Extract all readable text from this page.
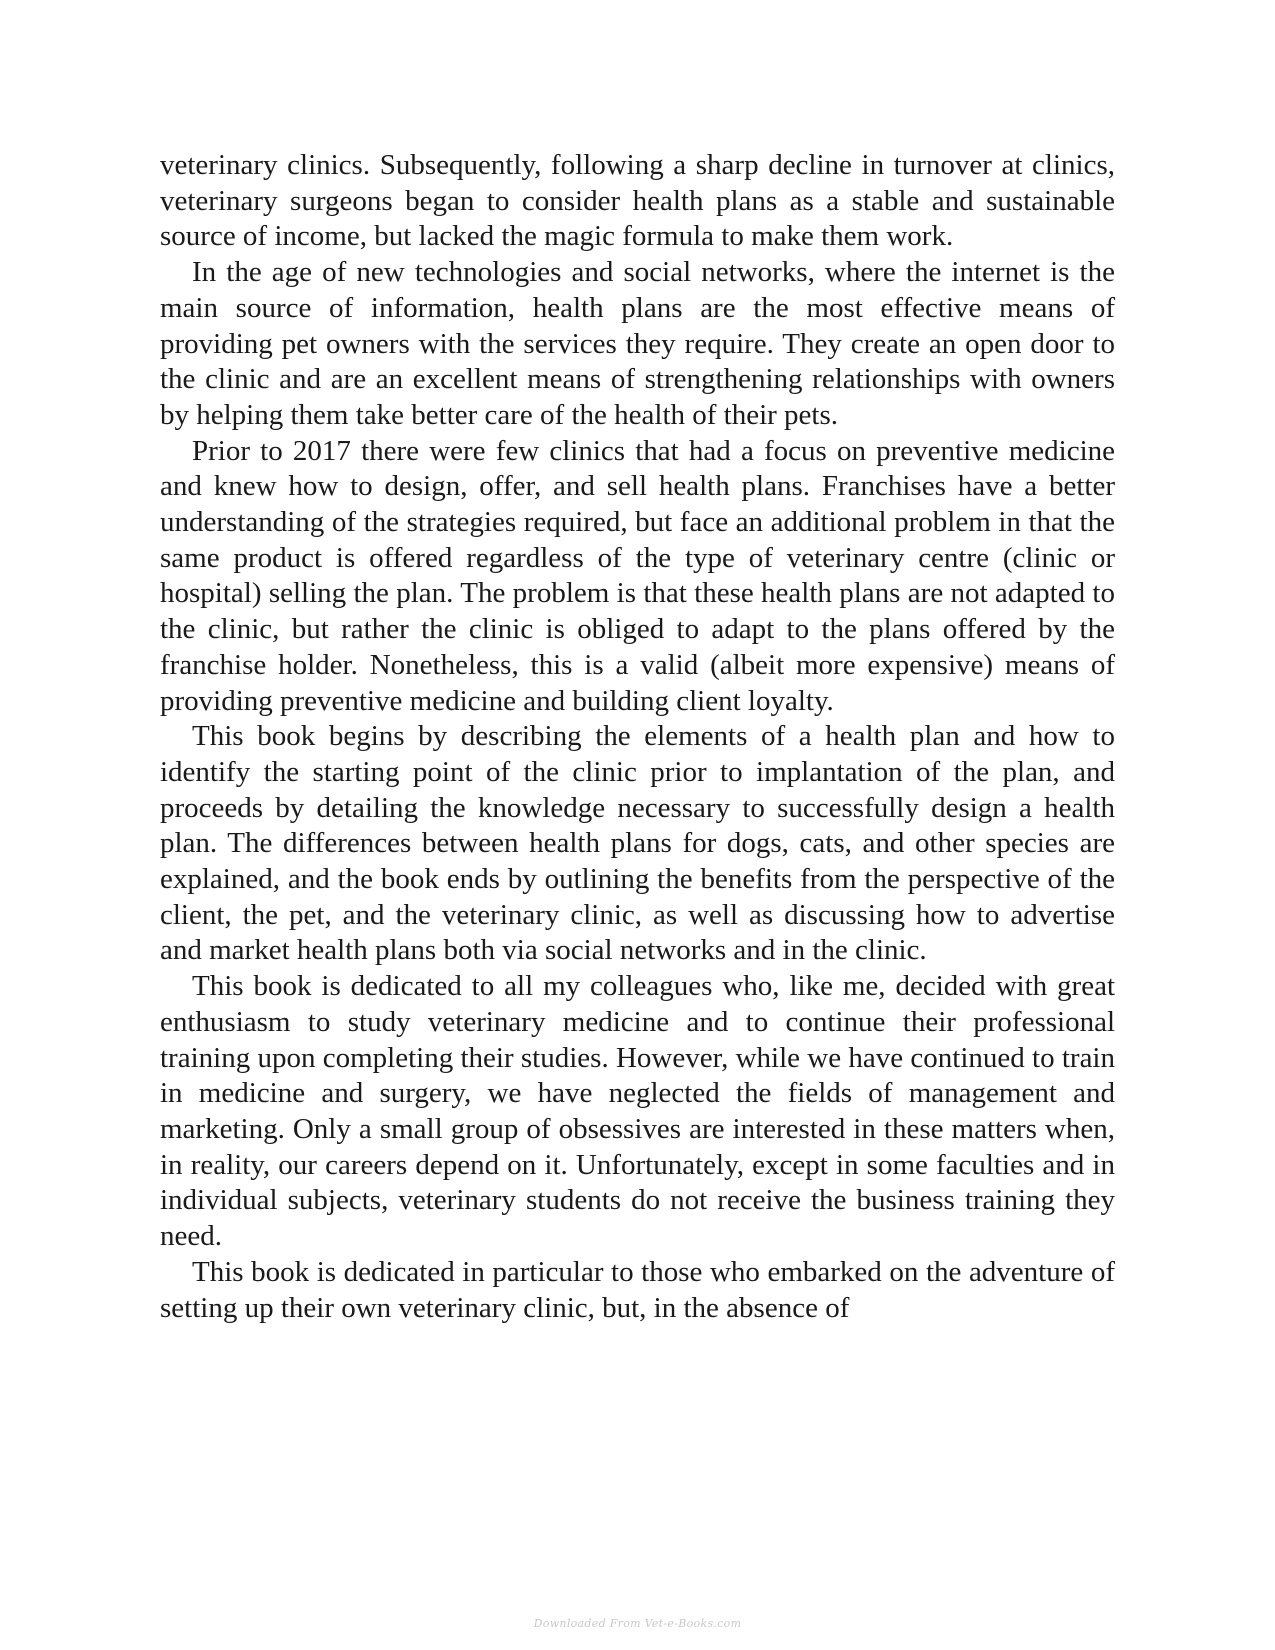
veterinary clinics. Subsequently, following a sharp decline in turnover at clinics, veterinary surgeons began to consider health plans as a stable and sustainable source of income, but lacked the magic formula to make them work.

In the age of new technologies and social networks, where the internet is the main source of information, health plans are the most effective means of providing pet owners with the services they require. They create an open door to the clinic and are an excellent means of strengthening relationships with owners by helping them take better care of the health of their pets.

Prior to 2017 there were few clinics that had a focus on preventive medicine and knew how to design, offer, and sell health plans. Franchises have a better understanding of the strategies required, but face an additional problem in that the same product is offered regardless of the type of veterinary centre (clinic or hospital) selling the plan. The problem is that these health plans are not adapted to the clinic, but rather the clinic is obliged to adapt to the plans offered by the franchise holder. Nonetheless, this is a valid (albeit more expensive) means of providing preventive medicine and building client loyalty.

This book begins by describing the elements of a health plan and how to identify the starting point of the clinic prior to implantation of the plan, and proceeds by detailing the knowledge necessary to successfully design a health plan. The differences between health plans for dogs, cats, and other species are explained, and the book ends by outlining the benefits from the perspective of the client, the pet, and the veterinary clinic, as well as discussing how to advertise and market health plans both via social networks and in the clinic.

This book is dedicated to all my colleagues who, like me, decided with great enthusiasm to study veterinary medicine and to continue their professional training upon completing their studies. However, while we have continued to train in medicine and surgery, we have neglected the fields of management and marketing. Only a small group of obsessives are interested in these matters when, in reality, our careers depend on it. Unfortunately, except in some faculties and in individual subjects, veterinary students do not receive the business training they need.

This book is dedicated in particular to those who embarked on the adventure of setting up their own veterinary clinic, but, in the absence of

Downloaded From Vet-e-Books.com
